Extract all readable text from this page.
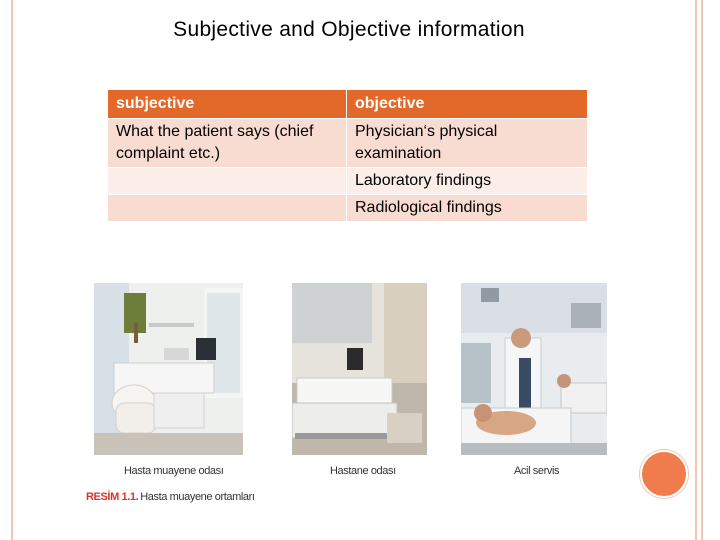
Subjective and Objective information
subjective	objective
What the patient says (chief complaint etc.)	Physician‘s physical examination
	Laboratory findings
	Radiological findings
Hasta muayene odası	Hastane odası	Acil servis
RESİM 1.1. Hasta muayene ortamları
